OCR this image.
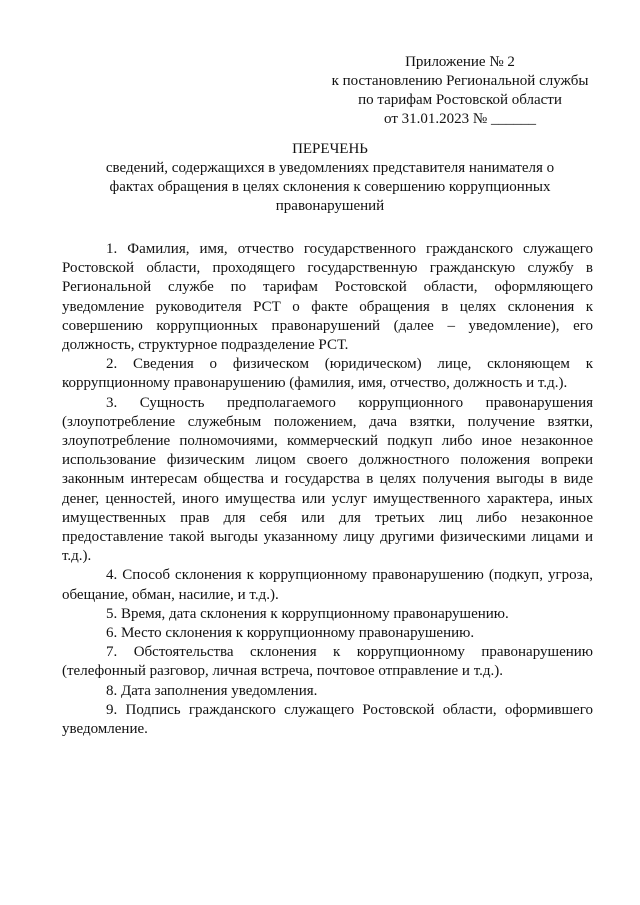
Приложение № 2
к постановлению Региональной службы
по тарифам Ростовской области
от 31.01.2023 № ______
ПЕРЕЧЕНЬ
сведений, содержащихся в уведомлениях представителя нанимателя о фактах обращения в целях склонения к совершению коррупционных правонарушений

1. Фамилия, имя, отчество государственного гражданского служащего Ростовской области, проходящего государственную гражданскую службу в Региональной службе по тарифам Ростовской области, оформляющего уведомление руководителя РСТ о факте обращения в целях склонения к совершению коррупционных правонарушений (далее – уведомление), его должность, структурное подразделение РСТ.

2. Сведения о физическом (юридическом) лице, склоняющем к коррупционному правонарушению (фамилия, имя, отчество, должность и т.д.).

3. Сущность предполагаемого коррупционного правонарушения (злоупотребление служебным положением, дача взятки, получение взятки, злоупотребление полномочиями, коммерческий подкуп либо иное незаконное использование физическим лицом своего должностного положения вопреки законным интересам общества и государства в целях получения выгоды в виде денег, ценностей, иного имущества или услуг имущественного характера, иных имущественных прав для себя или для третьих лиц либо незаконное предоставление такой выгоды указанному лицу другими физическими лицами и т.д.).

4. Способ склонения к коррупционному правонарушению (подкуп, угроза, обещание, обман, насилие, и т.д.).

5. Время, дата склонения к коррупционному правонарушению.

6. Место склонения к коррупционному правонарушению.

7. Обстоятельства склонения к коррупционному правонарушению (телефонный разговор, личная встреча, почтовое отправление и т.д.).

8. Дата заполнения уведомления.

9. Подпись гражданского служащего Ростовской области, оформившего уведомление.
